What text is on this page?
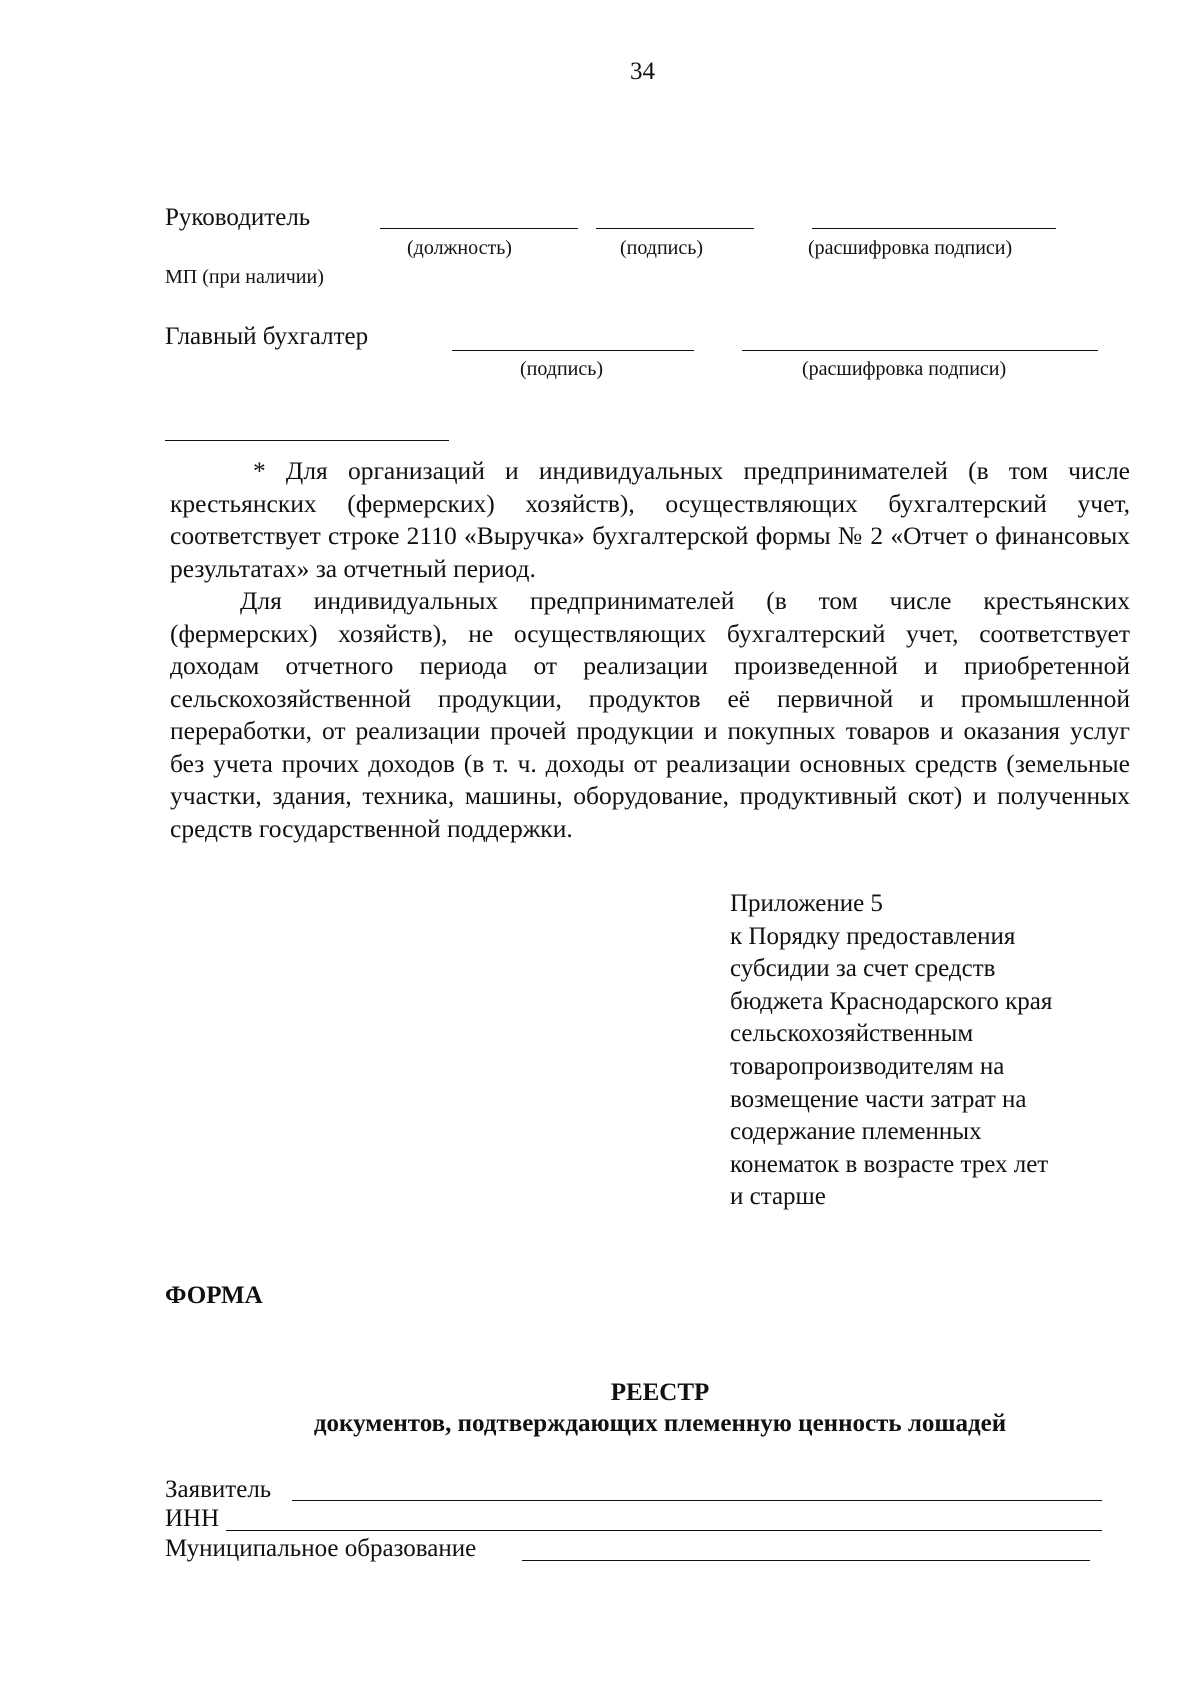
34
Руководитель
(должность)	(подпись)	(расшифровка подписи)
МП (при наличии)
Главный бухгалтер
(подпись)	(расшифровка подписи)

* Для организаций и индивидуальных предпринимателей (в том числе крестьянских (фермерских) хозяйств), осуществляющих бухгалтерский учет, соответствует строке 2110 «Выручка» бухгалтерской формы № 2 «Отчет о финансовых результатах» за отчетный период.

Для индивидуальных предпринимателей (в том числе крестьянских (фермерских) хозяйств), не осуществляющих бухгалтерский учет, соответствует доходам отчетного периода от реализации произведенной и приобретенной сельскохозяйственной продукции, продуктов её первичной и промышленной переработки, от реализации прочей продукции и покупных товаров и оказания услуг без учета прочих доходов (в т. ч. доходы от реализации основных средств (земельные участки, здания, техника, машины, оборудование, продуктивный скот) и полученных средств государственной поддержки.

Приложение 5
к Порядку предоставления
субсидии за счет средств
бюджета Краснодарского края
сельскохозяйственным
товаропроизводителям на
возмещение части затрат на
содержание племенных
конематок в возрасте трех лет
и старше
ФОРМА
РЕЕСТР
документов, подтверждающих племенную ценность лошадей
Заявитель
ИНН
Муниципальное образование
